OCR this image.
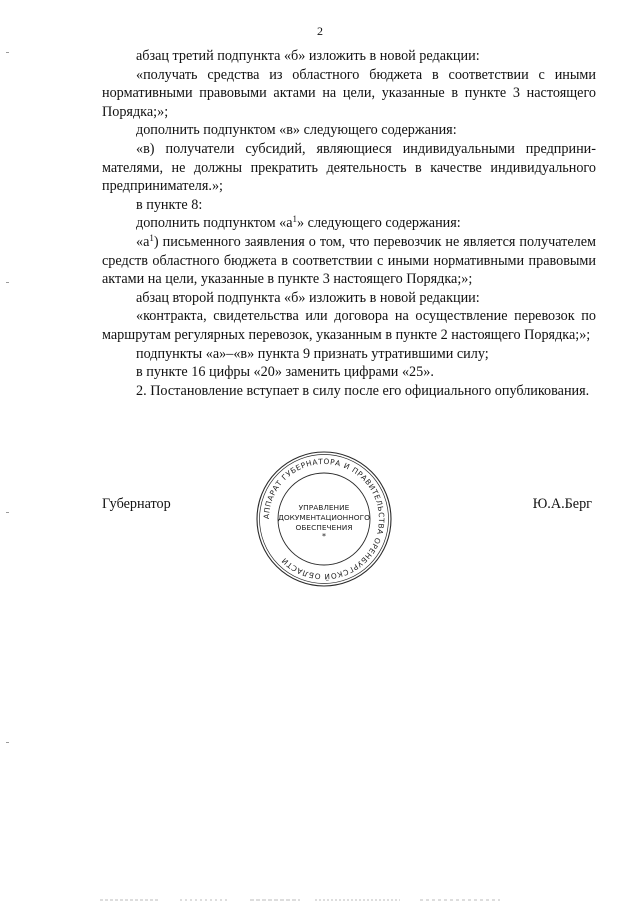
2

абзац третий подпункта «б» изложить в новой редакции:

«получать средства из областного бюджета в соответствии с иными нормативными правовыми актами на цели, указанные в пункте 3 настоящего Порядка;»;

дополнить подпунктом «в» следующего содержания:

«в) получатели субсидий, являющиеся индивидуальными предприни-мателями, не должны прекратить деятельность в качестве индивидуального предпринимателя.»;

в пункте 8:

дополнить подпунктом «$а^1$» следующего содержания:

«$а^1$) письменного заявления о том, что перевозчик не является получателем средств областного бюджета в соответствии с иными нормативными правовыми актами на цели, указанные в пункте 3 настоящего Порядка;»;

абзац второй подпункта «б» изложить в новой редакции:

«контракта, свидетельства или договора на осуществление перевозок по маршрутам регулярных перевозок, указанным в пункте 2 настоящего Порядка;»;

подпункты «а»–«в» пункта 9 признать утратившими силу;

в пункте 16 цифры «20» заменить цифрами «25».

2. Постановление вступает в силу после его официального опубликования.

Губернатор	Ю.А.Берг
АППАРАТ ГУБЕРНАТОРА И ПРАВИТЕЛЬСТВА ОРЕНБУРГСКОЙ ОБЛАСТИ
*
УПРАВЛЕНИЕ
ДОКУМЕНТАЦИОННОГО
ОБЕСПЕЧЕНИЯ
